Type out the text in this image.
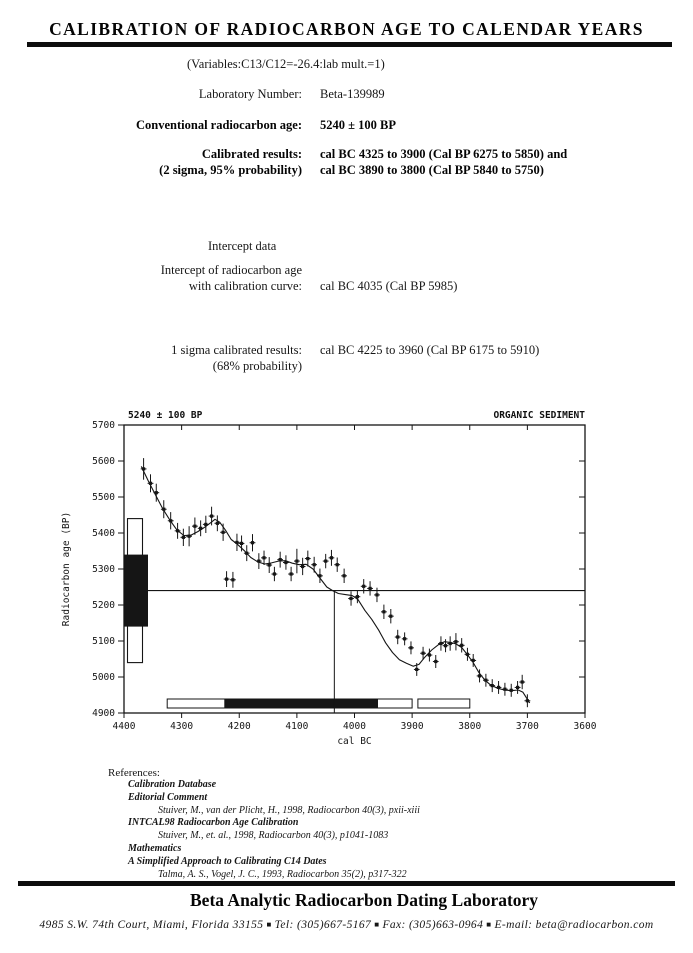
CALIBRATION OF RADIOCARBON AGE TO CALENDAR YEARS
(Variables:C13/C12=-26.4:lab mult.=1)
Laboratory Number: Beta-139989
Conventional radiocarbon age: 5240 ± 100 BP
Calibrated results:
(2 sigma, 95% probability)
cal BC 4325 to 3900 (Cal BP 6275 to 5850) and
cal BC 3890 to 3800 (Cal BP 5840 to 5750)
Intercept data
Intercept of radiocarbon age
with calibration curve: cal BC 4035 (Cal BP 5985)
1 sigma calibrated results:
(68% probability)
cal BC 4225 to 3960 (Cal BP 6175 to 5910)
4400	4300	4200	4100	4000	3900	3800	3700	3600
4900
5000
5100
5200
5300
5400
5500
5600
5700
5240 ± 100 BP	ORGANIC SEDIMENT
Radiocarbon age (BP)
cal BC
References:
Calibration Database
Editorial Comment
Stuiver, M., van der Plicht, H., 1998, Radiocarbon 40(3), pxii-xiii
INTCAL98 Radiocarbon Age Calibration
Stuiver, M., et. al., 1998, Radiocarbon 40(3), p1041-1083
Mathematics
A Simplified Approach to Calibrating C14 Dates
Talma, A. S., Vogel, J. C., 1993, Radiocarbon 35(2), p317-322
Beta Analytic Radiocarbon Dating Laboratory
4985 S.W. 74th Court, Miami, Florida 33155 ■ Tel: (305)667-5167 ■ Fax: (305)663-0964 ■ E-mail: beta@radiocarbon.com
